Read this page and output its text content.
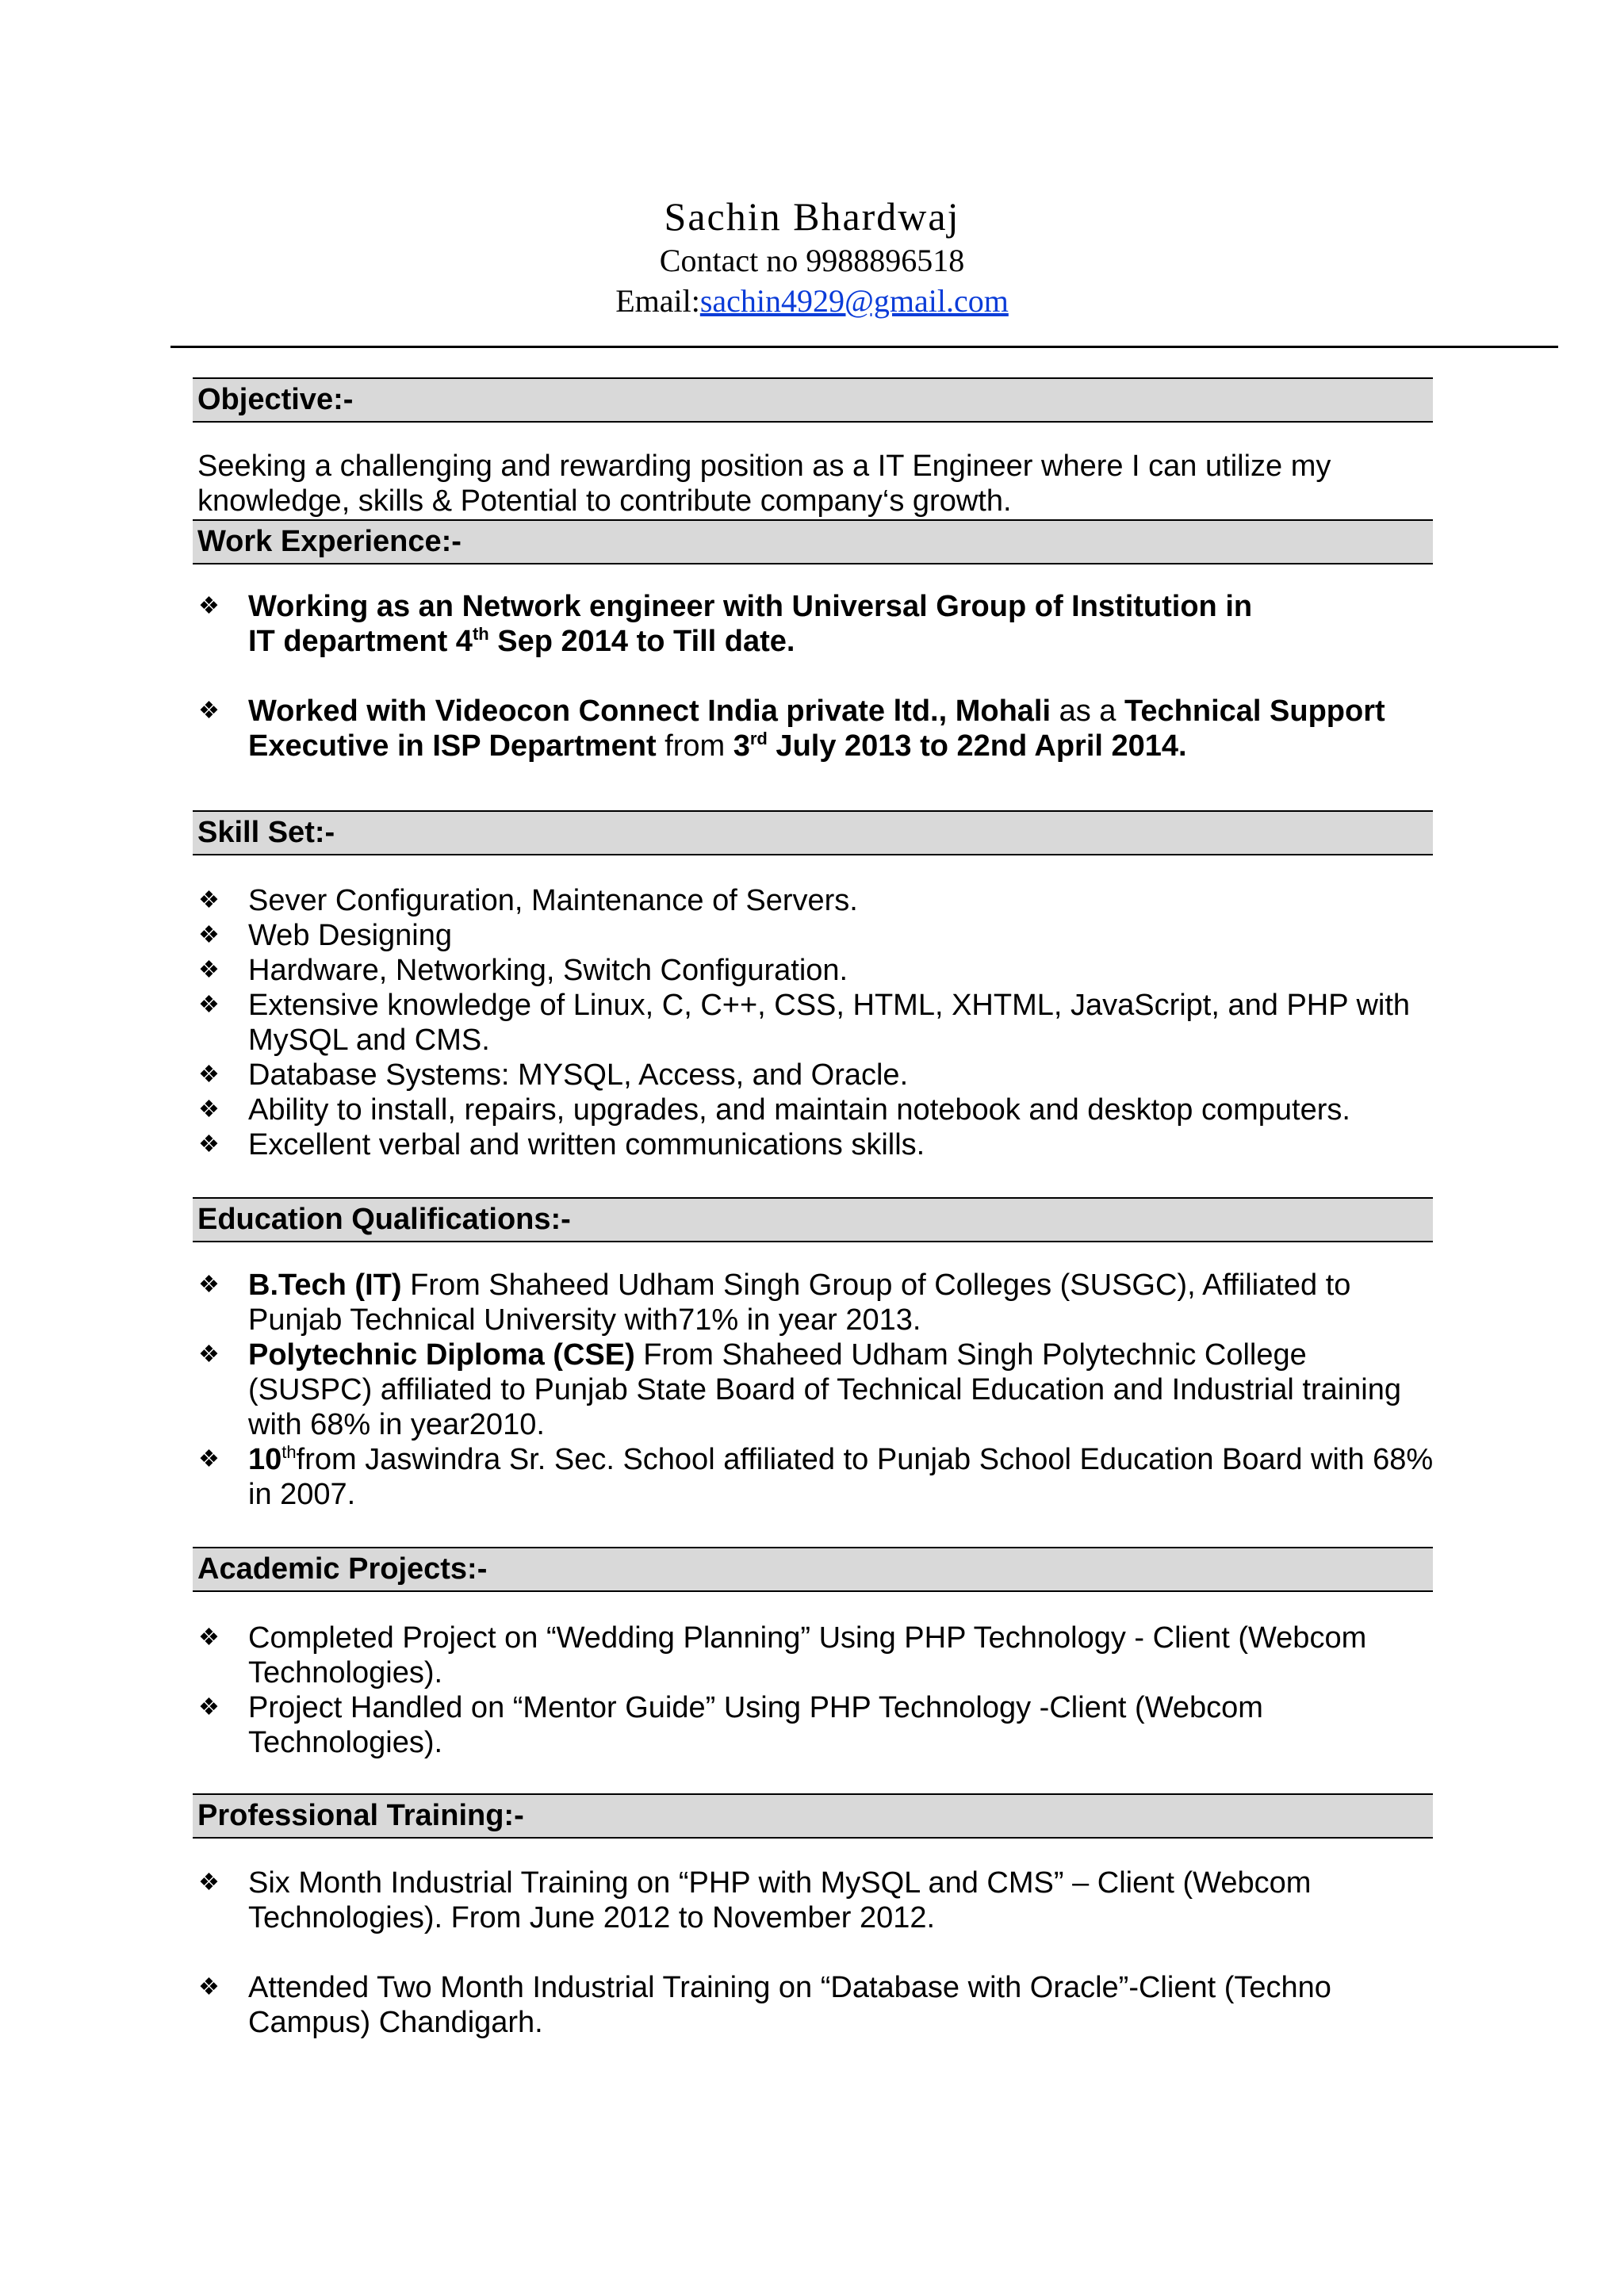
Sachin Bhardwaj
Contact no 9988896518
Email:sachin4929@gmail.com
Objective:-
Seeking a challenging and rewarding position as a IT Engineer where I can utilize my knowledge, skills & Potential to contribute company‘s growth.
Work Experience:-
❖ Working as an Network engineer with Universal Group of Institution in
IT department 4th Sep 2014 to Till date.
❖ Worked with Videocon Connect India private ltd., Mohali as a Technical Support Executive in ISP Department from 3rd July 2013 to 22nd April 2014.
Skill Set:-
❖ Sever Configuration, Maintenance of Servers.
❖ Web Designing
❖ Hardware, Networking, Switch Configuration.
❖ Extensive knowledge of Linux, C, C++, CSS, HTML, XHTML, JavaScript, and PHP with MySQL and CMS.
❖ Database Systems: MYSQL, Access, and Oracle.
❖ Ability to install, repairs, upgrades, and maintain notebook and desktop computers.
❖ Excellent verbal and written communications skills.
Education Qualifications:-
❖ B.Tech (IT) From Shaheed Udham Singh Group of Colleges (SUSGC), Affiliated to Punjab Technical University with71% in year 2013.
❖ Polytechnic Diploma (CSE) From Shaheed Udham Singh Polytechnic College (SUSPC) affiliated to Punjab State Board of Technical Education and Industrial training with 68% in year2010.
❖ 10thfrom Jaswindra Sr. Sec. School affiliated to Punjab School Education Board with 68% in 2007.
Academic Projects:-
❖ Completed Project on “Wedding Planning” Using PHP Technology - Client (Webcom Technologies).
❖ Project Handled on “Mentor Guide” Using PHP Technology -Client (Webcom Technologies).
Professional Training:-
❖ Six Month Industrial Training on “PHP with MySQL and CMS” – Client (Webcom Technologies). From June 2012 to November 2012.
❖ Attended Two Month Industrial Training on “Database with Oracle”-Client (Techno Campus) Chandigarh.
